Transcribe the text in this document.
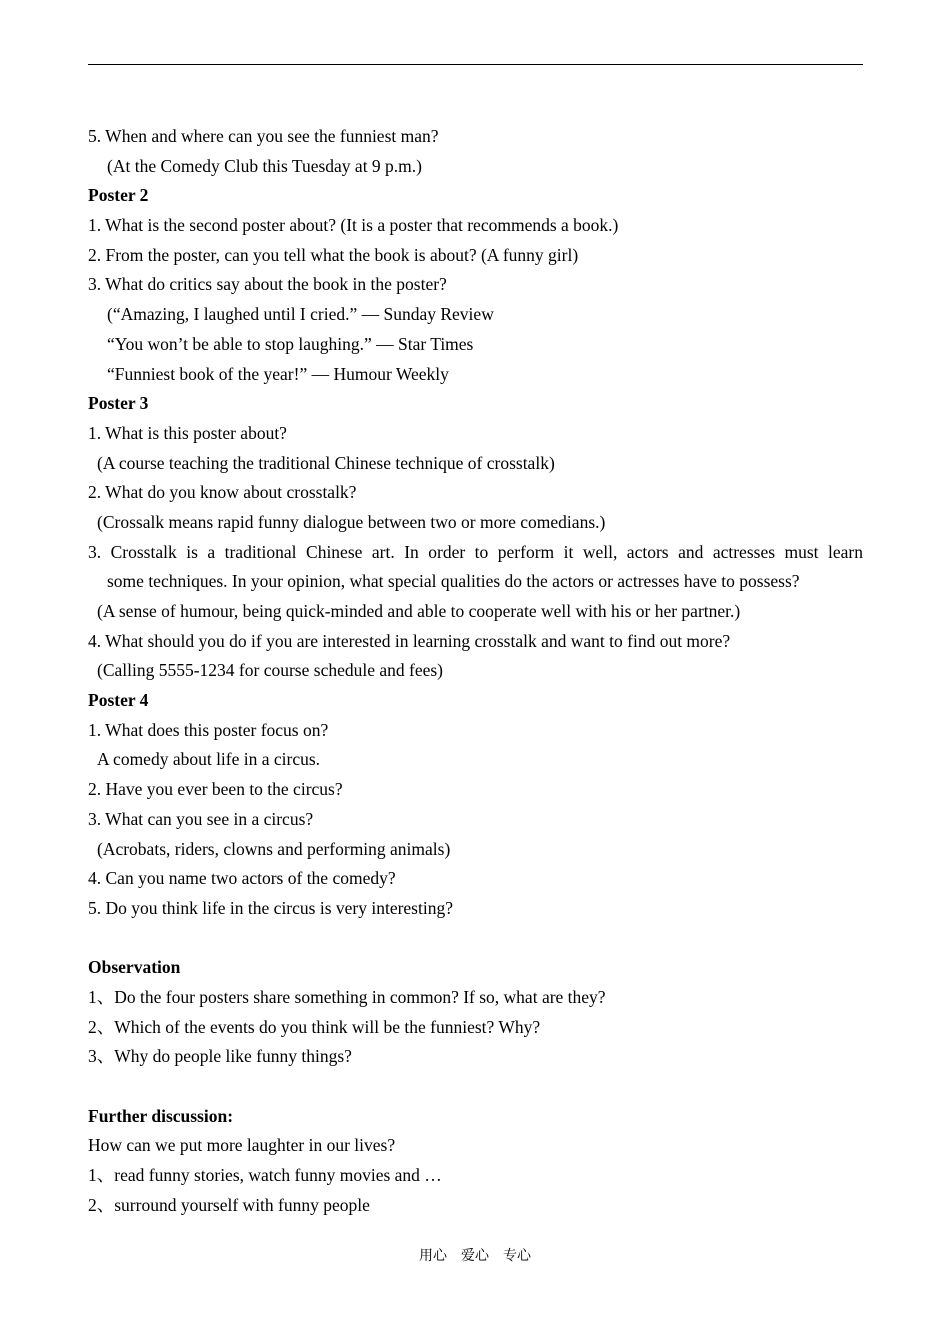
5. When and where can you see the funniest man?
(At the Comedy Club this Tuesday at 9 p.m.)
Poster 2
1. What is the second poster about? (It is a poster that recommends a book.)
2. From the poster, can you tell what the book is about? (A funny girl)
3. What do critics say about the book in the poster?
(“Amazing, I laughed until I cried.” — Sunday Review
“You won’t be able to stop laughing.” — Star Times
“Funniest book of the year!” — Humour Weekly
Poster 3
1. What is this poster about?
(A course teaching the traditional Chinese technique of crosstalk)
2. What do you know about crosstalk?
(Crossalk means rapid funny dialogue between two or more comedians.)
3. Crosstalk is a traditional Chinese art. In order to perform it well, actors and actresses must learn
some techniques. In your opinion, what special qualities do the actors or actresses have to possess?
(A sense of humour, being quick-minded and able to cooperate well with his or her partner.)
4. What should you do if you are interested in learning crosstalk and want to find out more?
(Calling 5555-1234 for course schedule and fees)
Poster 4
1. What does this poster focus on?
A comedy about life in a circus.
2. Have you ever been to the circus?
3. What can you see in a circus?
(Acrobats, riders, clowns and performing animals)
4. Can you name two actors of the comedy?
5. Do you think life in the circus is very interesting?
Observation
1、Do the four posters share something in common? If so, what are they?
2、Which of the events do you think will be the funniest? Why?
3、Why do people like funny things?
Further discussion:
How can we put more laughter in our lives?
1、read funny stories, watch funny movies and …
2、surround yourself with funny people
用心　爱心　专心
